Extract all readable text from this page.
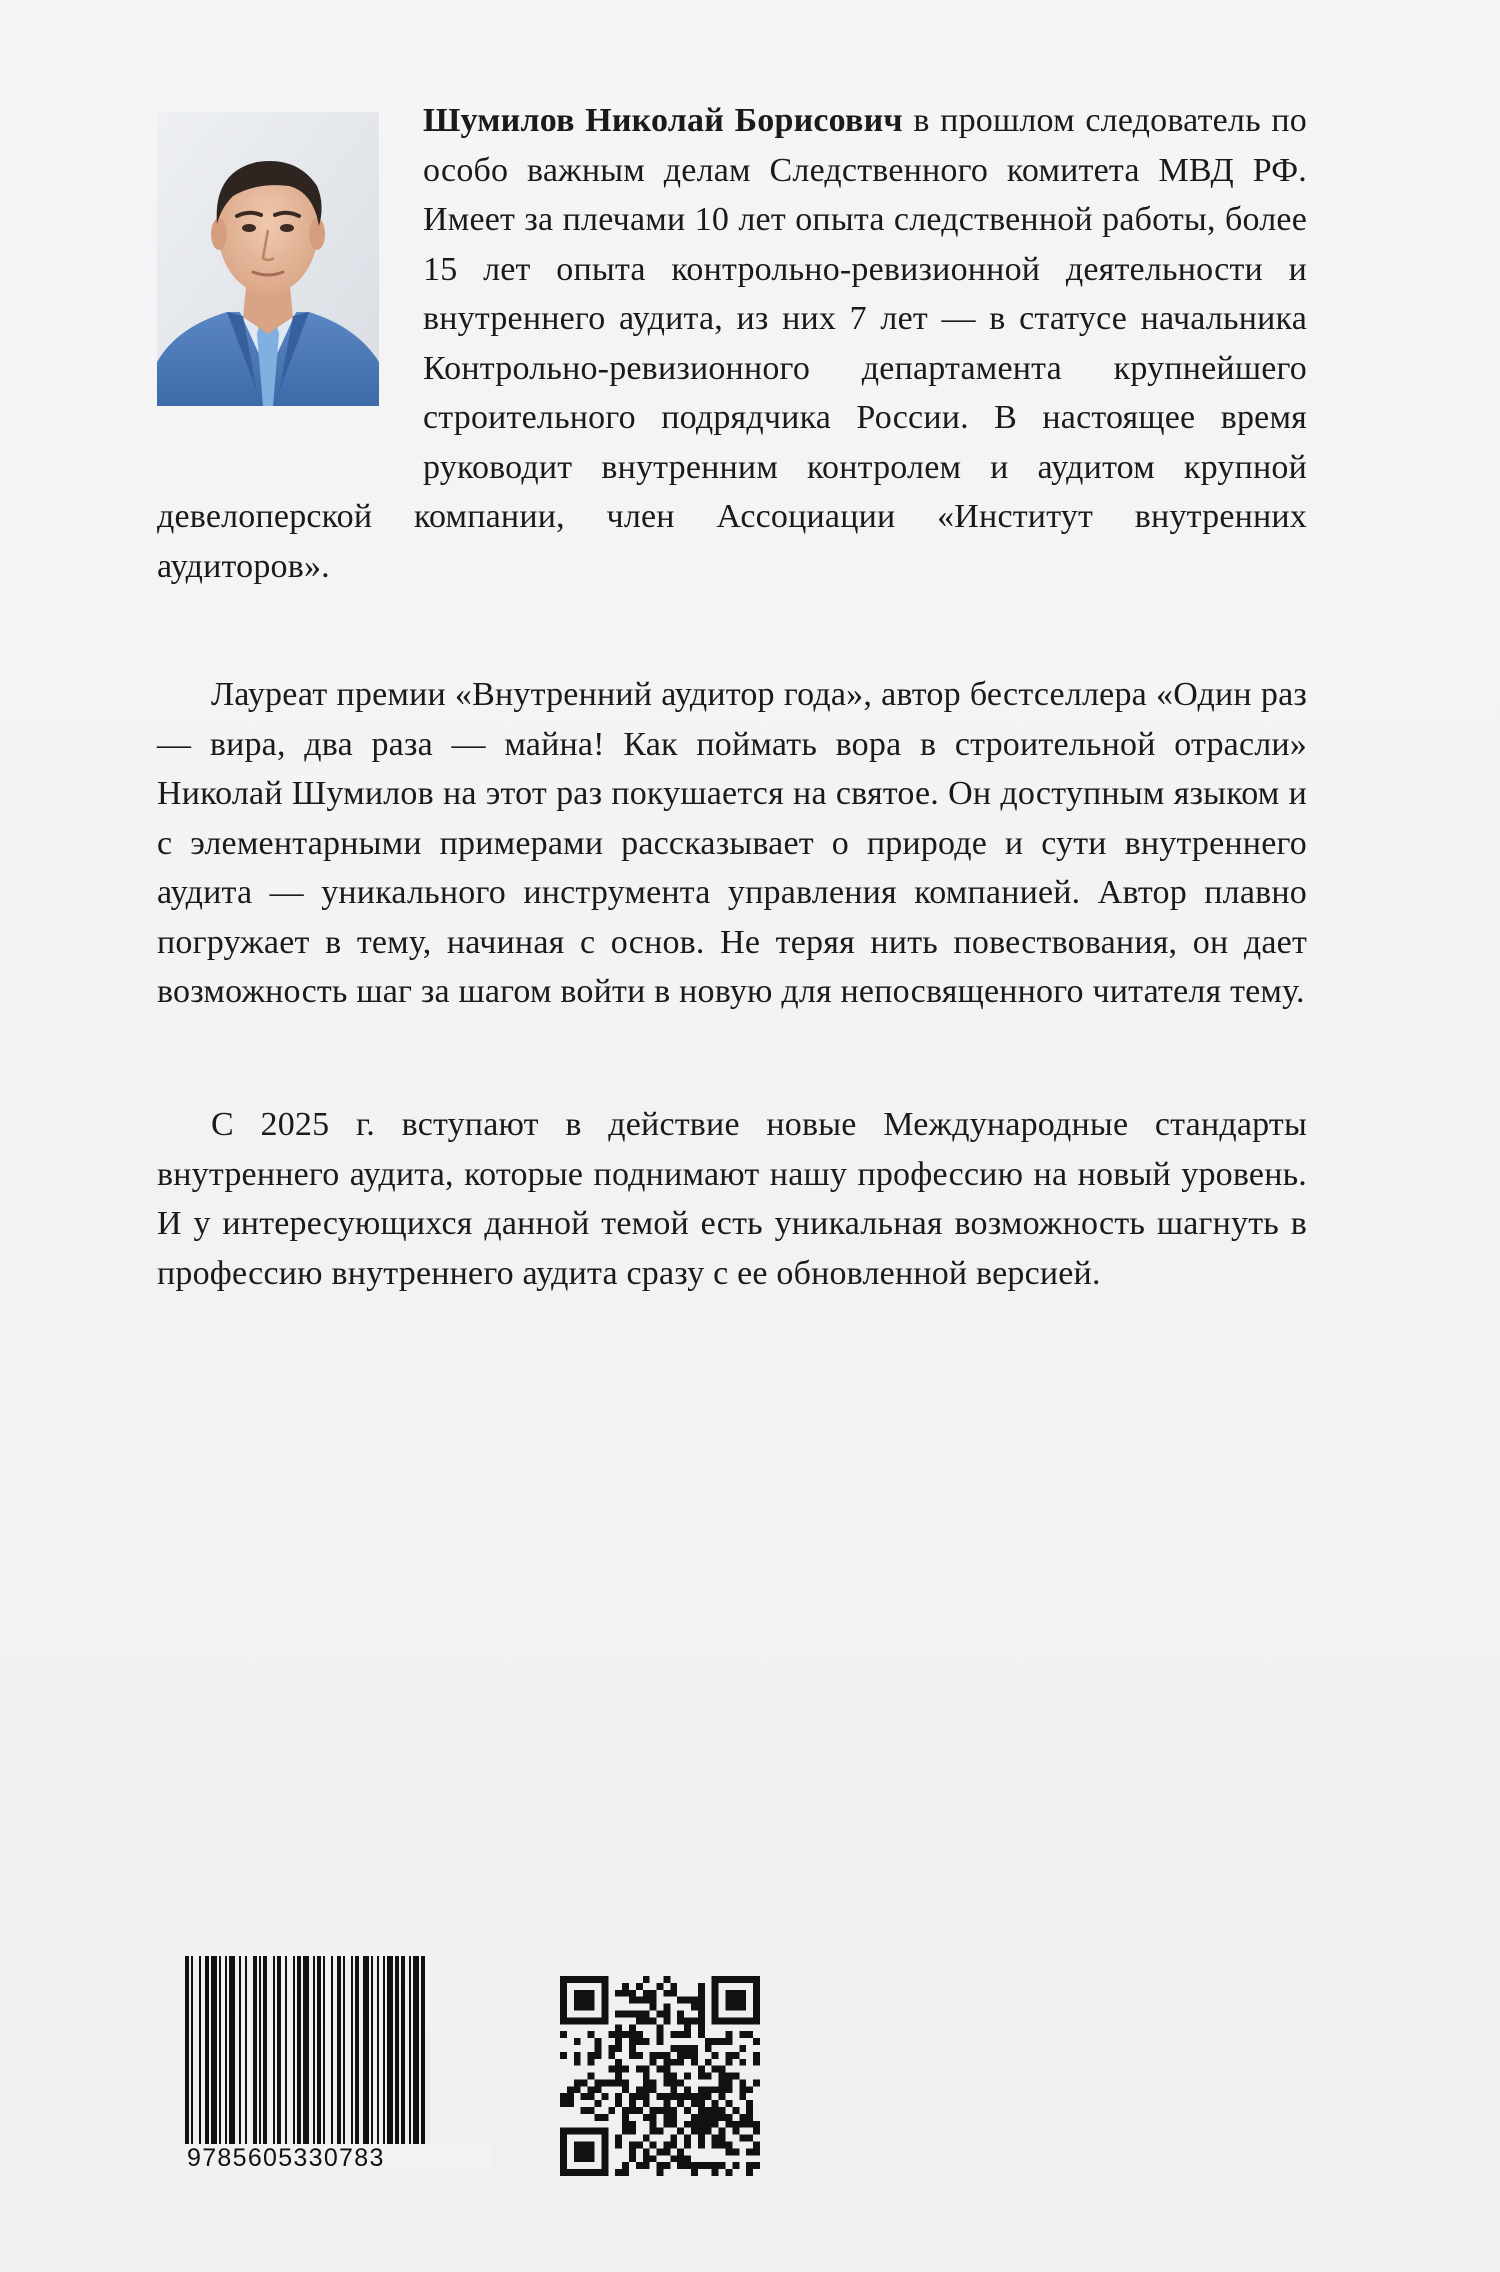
Шумилов Николай Борисович в прошлом следователь по особо важным делам Следственного комитета МВД РФ. Имеет за плечами 10 лет опыта следственной работы, более 15 лет опыта контрольно-ревизионной деятельности и внутреннего аудита, из них 7 лет — в статусе начальника Контрольно-ревизионного департамента крупнейшего строительного подрядчика России. В настоящее время руководит внутренним контролем и аудитом крупной девелоперской компании, член Ассоциации «Институт внутренних аудиторов».

Лауреат премии «Внутренний аудитор года», автор бестселлера «Один раз — вира, два раза — майна! Как поймать вора в строительной отрасли» Николай Шумилов на этот раз покушается на святое. Он доступным языком и с элементарными примерами рассказывает о природе и сути внутреннего аудита — уникального инструмента управления компанией. Автор плавно погружает в тему, начиная с основ. Не теряя нить повествования, он дает возможность шаг за шагом войти в новую для непосвященного читателя тему.

С 2025 г. вступают в действие новые Международные стандарты внутреннего аудита, которые поднимают нашу профессию на новый уровень. И у интересующихся данной темой есть уникальная возможность шагнуть в профессию внутреннего аудита сразу с ее обновленной версией.

9785605330783
